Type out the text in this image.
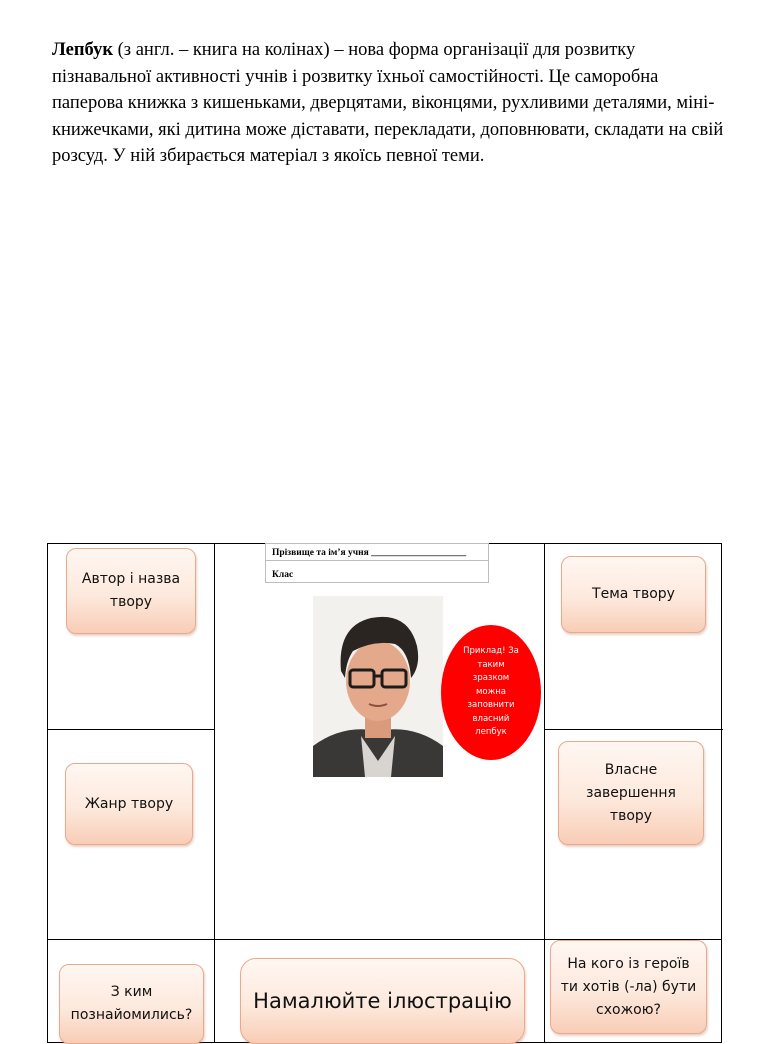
Лепбук (з англ. – книга на колінах) – нова форма організації для розвитку пізнавальної активності учнів і розвитку їхньої самостійності. Це саморобна паперова книжка з кишеньками, дверцятами, віконцями, рухливими деталями, міні-книжечками, які дитина може діставати, перекладати, доповнювати, складати на свій розсуд. У ній збирається матеріал з якоїсь певної теми.
Прізвище та ім’я учня ____________________
Клас
Приклад! За таким зразком можна заповнити власний лепбук
Автор і назва твору	Тема твору
Жанр твору
Власне завершення твору
З ким познайомились?
Намалюйте ілюстрацію
На кого із героїв ти хотів (-ла) бути схожою?
